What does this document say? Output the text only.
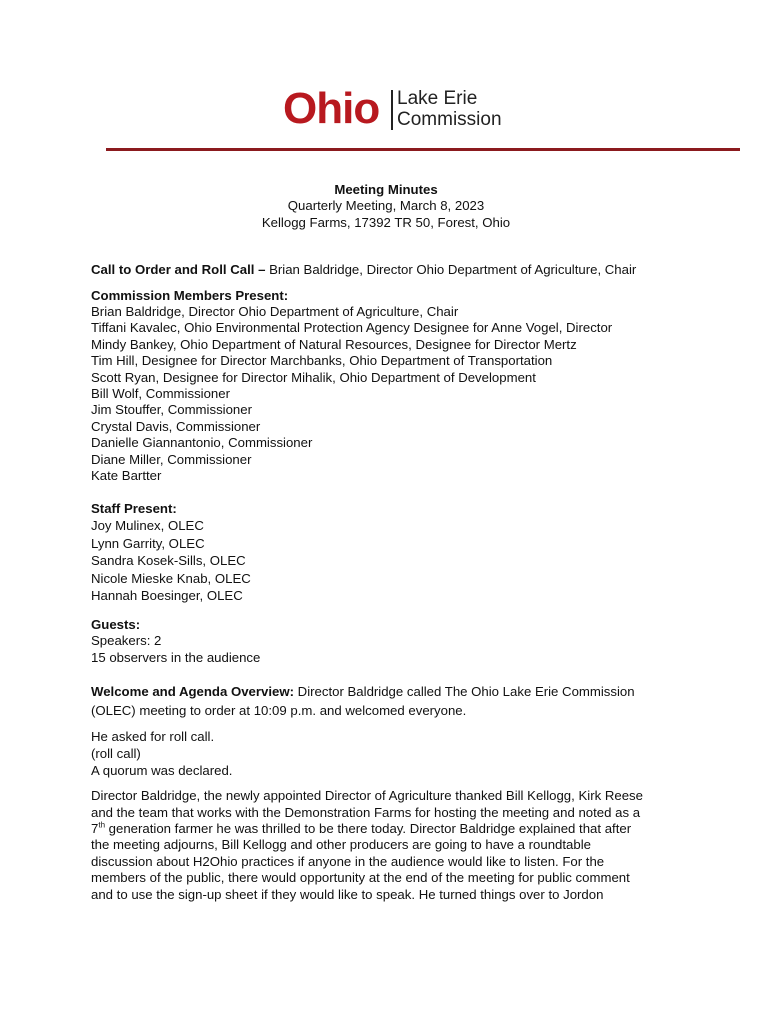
Ohio Lake Erie
Commission
Meeting Minutes
Quarterly Meeting, March 8, 2023
Kellogg Farms, 17392 TR 50, Forest, Ohio
Call to Order and Roll Call – Brian Baldridge, Director Ohio Department of Agriculture, Chair
Commission Members Present:
Brian Baldridge, Director Ohio Department of Agriculture, Chair
Tiffani Kavalec, Ohio Environmental Protection Agency Designee for Anne Vogel, Director
Mindy Bankey, Ohio Department of Natural Resources, Designee for Director Mertz
Tim Hill, Designee for Director Marchbanks, Ohio Department of Transportation
Scott Ryan, Designee for Director Mihalik, Ohio Department of Development
Bill Wolf, Commissioner
Jim Stouffer, Commissioner
Crystal Davis, Commissioner
Danielle Giannantonio, Commissioner
Diane Miller, Commissioner
Kate Bartter
Staff Present:
Joy Mulinex, OLEC
Lynn Garrity, OLEC
Sandra Kosek-Sills, OLEC
Nicole Mieske Knab, OLEC
Hannah Boesinger, OLEC
Guests:
Speakers: 2
15 observers in the audience
Welcome and Agenda Overview: Director Baldridge called The Ohio Lake Erie Commission
(OLEC) meeting to order at 10:09 p.m. and welcomed everyone.
He asked for roll call.
(roll call)
A quorum was declared.
Director Baldridge, the newly appointed Director of Agriculture thanked Bill Kellogg, Kirk Reese
and the team that works with the Demonstration Farms for hosting the meeting and noted as a
7th generation farmer he was thrilled to be there today. Director Baldridge explained that after
the meeting adjourns, Bill Kellogg and other producers are going to have a roundtable
discussion about H2Ohio practices if anyone in the audience would like to listen. For the
members of the public, there would opportunity at the end of the meeting for public comment
and to use the sign-up sheet if they would like to speak. He turned things over to Jordon
